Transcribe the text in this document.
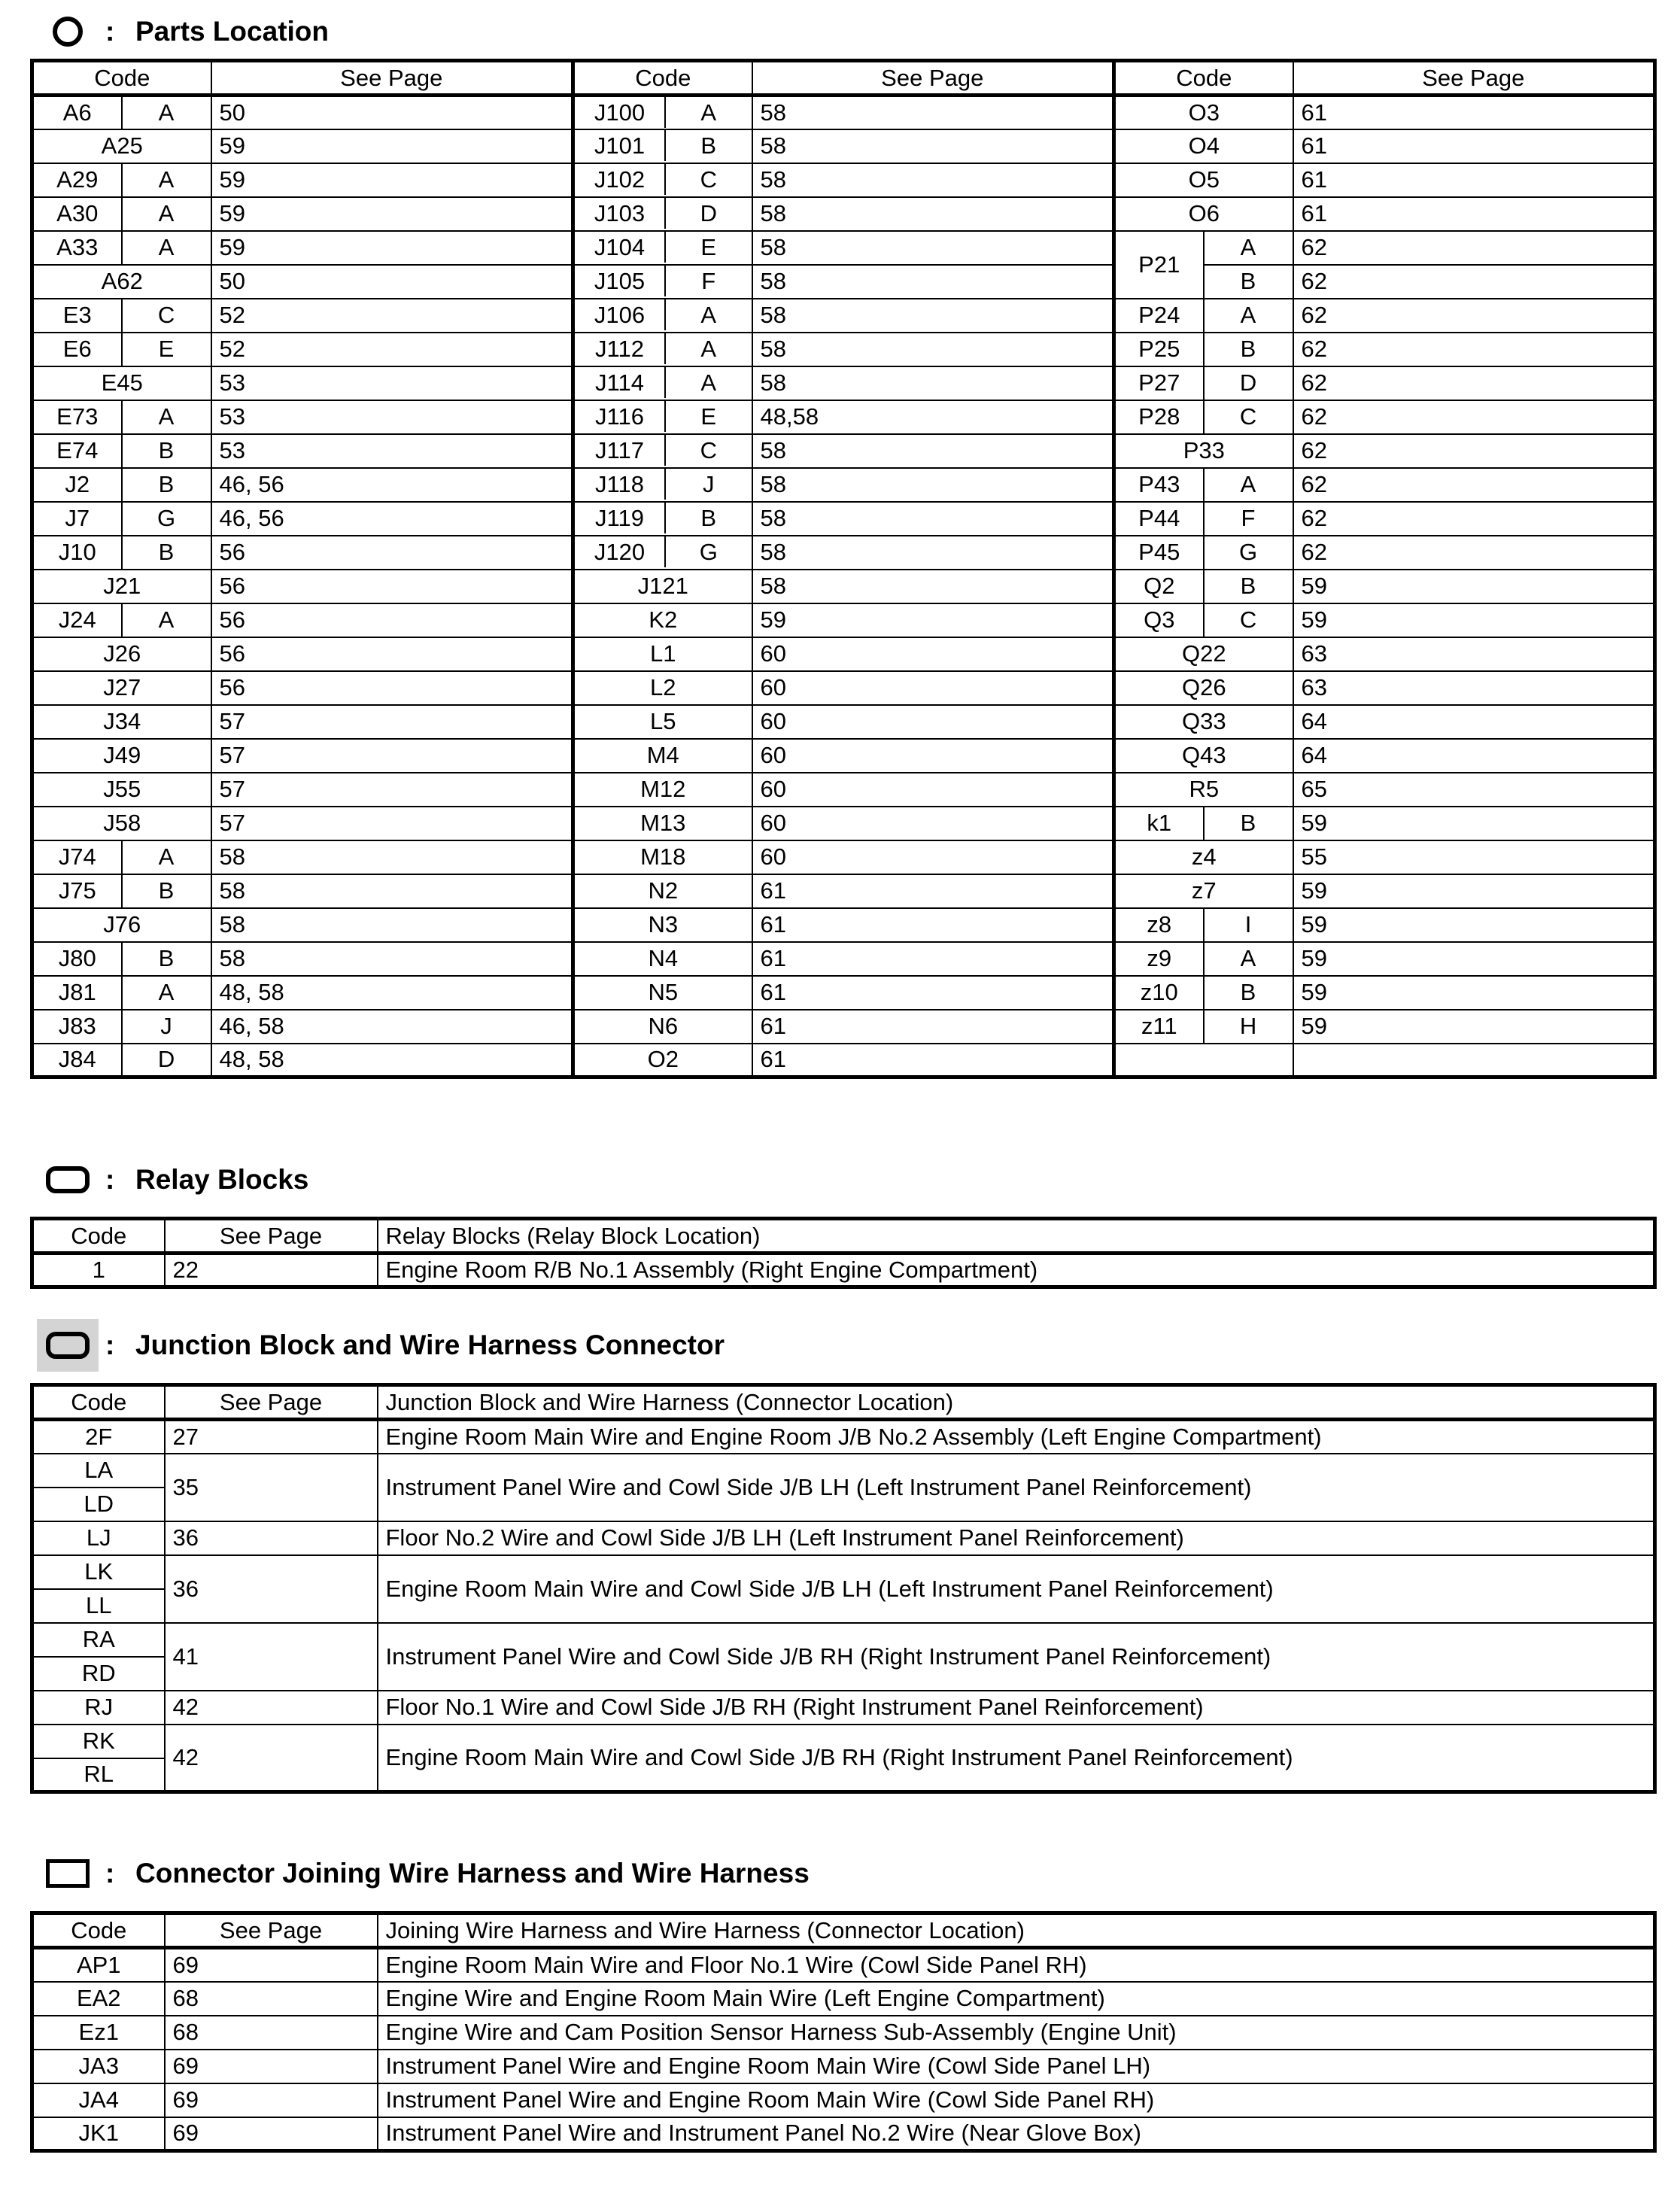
: Parts Location
Code		See Page	Code	See Page	Code		See Page
A6	A	50	J100 A	58	O3		61
A25		59	J101 B	58	O4		61
A29	A	59	J102 C	58	O5		61
A30	A	59	J103 D	58	O6		61
A33	A	59	J104 E	58	P21	A	62
A62		50	J105 F	58		B	62
E3	C	52	J106 A	58	P24	A	62
E6	E	52	J112 A	58	P25	B	62
E45		53	J114 A	58	P27	D	62
E73	A	53	J116 E	48,58	P28	C	62
E74	B	53	J117 C	58	P33		62
J2	B	46, 56	J118 J	58	P43	A	62
J7	G	46, 56	J119 B	58	P44	F	62
J10	B	56	J120 G	58	P45	G	62
J21		56	J121	58	Q2	B	59
J24	A	56	K2	59	Q3	C	59
J26		56	L1	60	Q22		63
J27		56	L2	60	Q26		63
J34		57	L5	60	Q33		64
J49		57	M4	60	Q43		64
J55		57	M12	60	R5		65
J58		57	M13	60	k1	B	59
J74	A	58	M18	60	z4		55
J75	B	58	N2	61	z7		59
J76		58	N3	61	z8	I	59
J80	B	58	N4	61	z9	A	59
J81	A	48, 58	N5	61	z10	B	59
J83	J	46, 58	N6	61	z11	H	59
J84	D	48, 58	O2	61			
: Relay Blocks
Code	See Page	Relay Blocks (Relay Block Location)
1	22	Engine Room R/B No.1 Assembly (Right Engine Compartment)
: Junction Block and Wire Harness Connector
Code	See Page	Junction Block and Wire Harness (Connector Location)
2F	27	Engine Room Main Wire and Engine Room J/B No.2 Assembly (Left Engine Compartment)
LA	35	Instrument Panel Wire and Cowl Side J/B LH (Left Instrument Panel Reinforcement)
LD		
LJ	36	Floor No.2 Wire and Cowl Side J/B LH (Left Instrument Panel Reinforcement)
LK	36	Engine Room Main Wire and Cowl Side J/B LH (Left Instrument Panel Reinforcement)
LL		
RA	41	Instrument Panel Wire and Cowl Side J/B RH (Right Instrument Panel Reinforcement)
RD		
RJ	42	Floor No.1 Wire and Cowl Side J/B RH (Right Instrument Panel Reinforcement)
RK	42	Engine Room Main Wire and Cowl Side J/B RH (Right Instrument Panel Reinforcement)
RL		
: Connector Joining Wire Harness and Wire Harness
Code	See Page	Joining Wire Harness and Wire Harness (Connector Location)
AP1	69	Engine Room Main Wire and Floor No.1 Wire (Cowl Side Panel RH)
EA2	68	Engine Wire and Engine Room Main Wire (Left Engine Compartment)
Ez1	68	Engine Wire and Cam Position Sensor Harness Sub-Assembly (Engine Unit)
JA3	69	Instrument Panel Wire and Engine Room Main Wire (Cowl Side Panel LH)
JA4	69	Instrument Panel Wire and Engine Room Main Wire (Cowl Side Panel RH)
JK1	69	Instrument Panel Wire and Instrument Panel No.2 Wire (Near Glove Box)
